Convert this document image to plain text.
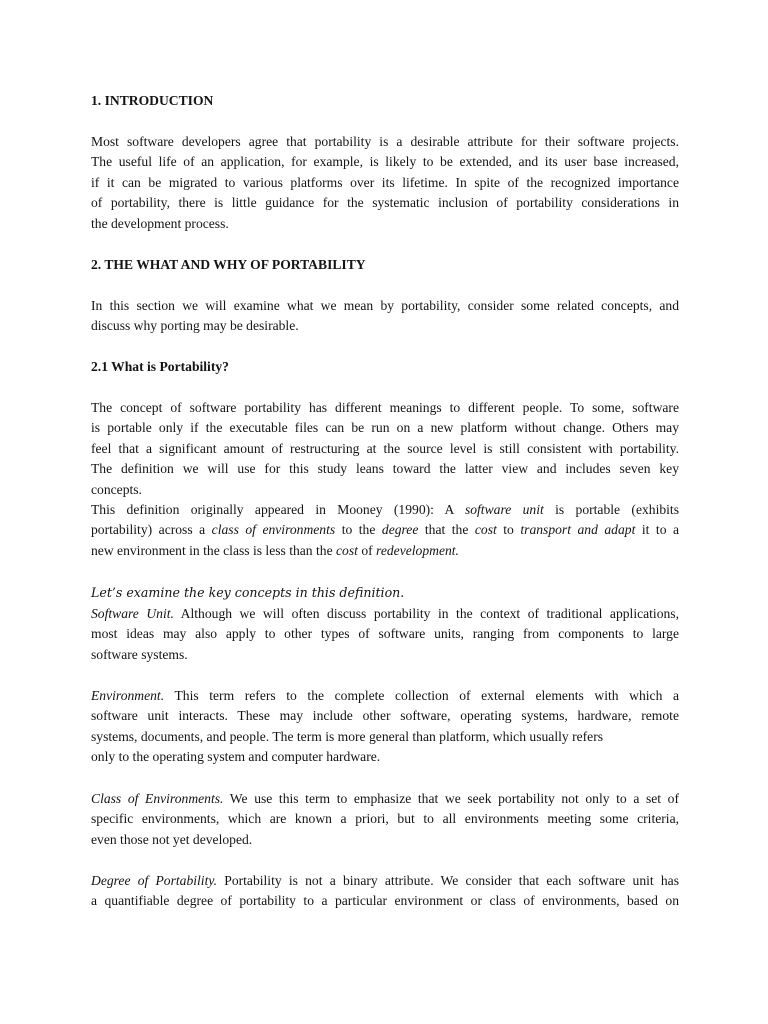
1. INTRODUCTION
Most software developers agree that portability is a desirable attribute for their software projects.
The useful life of an application, for example, is likely to be extended, and its user base increased,
if it can be migrated to various platforms over its lifetime. In spite of the recognized importance
of portability, there is little guidance for the systematic inclusion of portability considerations in
the development process.
2. THE WHAT AND WHY OF PORTABILITY
In this section we will examine what we mean by portability, consider some related concepts, and
discuss why porting may be desirable.
2.1 What is Portability?
The concept of software portability has different meanings to different people. To some, software
is portable only if the executable files can be run on a new platform without change. Others may
feel that a significant amount of restructuring at the source level is still consistent with portability.
The definition we will use for this study leans toward the latter view and includes seven key
concepts.
This definition originally appeared in Mooney (1990): A software unit is portable (exhibits
portability) across a class of environments to the degree that the cost to transport and adapt it to a
new environment in the class is less than the cost of redevelopment.
Let’s examine the key concepts in this definition.
Software Unit. Although we will often discuss portability in the context of traditional applications,
most ideas may also apply to other types of software units, ranging from components to large
software systems.
Environment. This term refers to the complete collection of external elements with which a
software unit interacts. These may include other software, operating systems, hardware, remote
systems, documents, and people. The term is more general than platform, which usually refers
only to the operating system and computer hardware.
Class of Environments. We use this term to emphasize that we seek portability not only to a set of
specific environments, which are known a priori, but to all environments meeting some criteria,
even those not yet developed.
Degree of Portability. Portability is not a binary attribute. We consider that each software unit has
a quantifiable degree of portability to a particular environment or class of environments, based on
